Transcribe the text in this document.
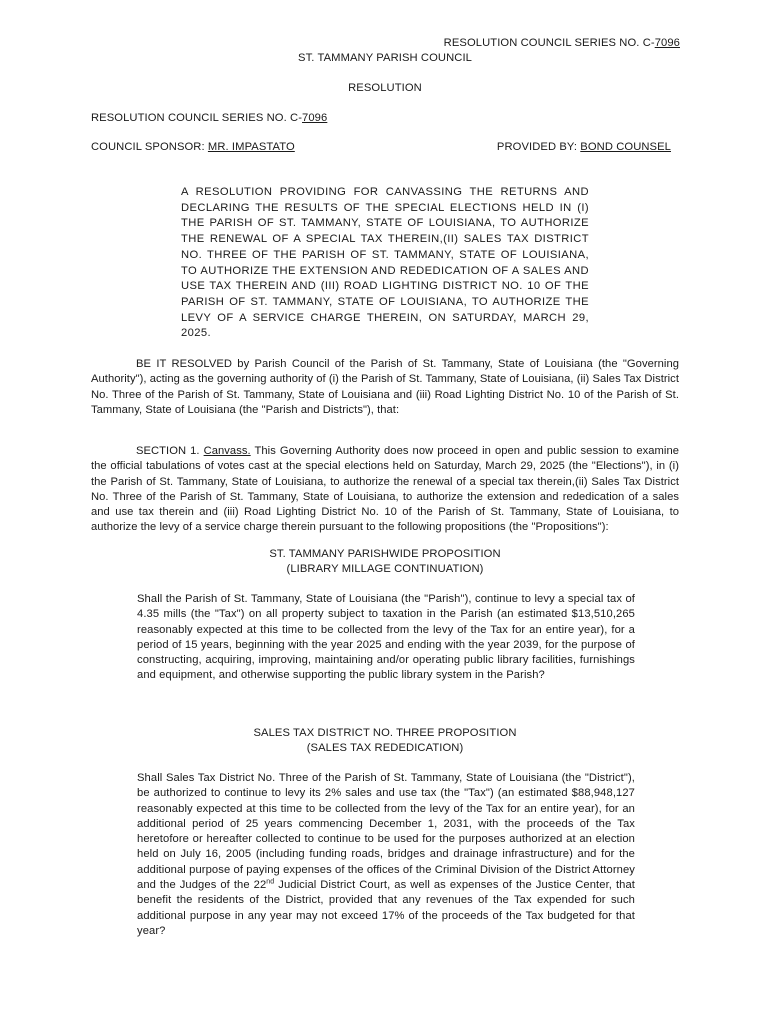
RESOLUTION COUNCIL SERIES NO. C-7096
ST. TAMMANY PARISH COUNCIL
RESOLUTION
RESOLUTION COUNCIL SERIES NO. C-7096
COUNCIL SPONSOR: MR. IMPASTATO	PROVIDED BY: BOND COUNSEL
A RESOLUTION PROVIDING FOR CANVASSING THE RETURNS AND DECLARING THE RESULTS OF THE SPECIAL ELECTIONS HELD IN (I) THE PARISH OF ST. TAMMANY, STATE OF LOUISIANA, TO AUTHORIZE THE RENEWAL OF A SPECIAL TAX THEREIN,(II) SALES TAX DISTRICT NO. THREE OF THE PARISH OF ST. TAMMANY, STATE OF LOUISIANA, TO AUTHORIZE THE EXTENSION AND REDEDICATION OF A SALES AND USE TAX THEREIN AND (III) ROAD LIGHTING DISTRICT NO. 10 OF THE PARISH OF ST. TAMMANY, STATE OF LOUISIANA, TO AUTHORIZE THE LEVY OF A SERVICE CHARGE THEREIN, ON SATURDAY, MARCH 29, 2025.
BE IT RESOLVED by Parish Council of the Parish of St. Tammany, State of Louisiana (the "Governing Authority"), acting as the governing authority of (i) the Parish of St. Tammany, State of Louisiana, (ii) Sales Tax District No. Three of the Parish of St. Tammany, State of Louisiana and (iii) Road Lighting District No. 10 of the Parish of St. Tammany, State of Louisiana (the "Parish and Districts"), that:
SECTION 1. Canvass. This Governing Authority does now proceed in open and public session to examine the official tabulations of votes cast at the special elections held on Saturday, March 29, 2025 (the "Elections"), in (i) the Parish of St. Tammany, State of Louisiana, to authorize the renewal of a special tax therein,(ii) Sales Tax District No. Three of the Parish of St. Tammany, State of Louisiana, to authorize the extension and rededication of a sales and use tax therein and (iii) Road Lighting District No. 10 of the Parish of St. Tammany, State of Louisiana, to authorize the levy of a service charge therein pursuant to the following propositions (the "Propositions"):
ST. TAMMANY PARISHWIDE PROPOSITION
(LIBRARY MILLAGE CONTINUATION)
Shall the Parish of St. Tammany, State of Louisiana (the "Parish"), continue to levy a special tax of 4.35 mills (the "Tax") on all property subject to taxation in the Parish (an estimated $13,510,265 reasonably expected at this time to be collected from the levy of the Tax for an entire year), for a period of 15 years, beginning with the year 2025 and ending with the year 2039, for the purpose of constructing, acquiring, improving, maintaining and/or operating public library facilities, furnishings and equipment, and otherwise supporting the public library system in the Parish?
SALES TAX DISTRICT NO. THREE PROPOSITION
(SALES TAX REDEDICATION)
Shall Sales Tax District No. Three of the Parish of St. Tammany, State of Louisiana (the "District"), be authorized to continue to levy its 2% sales and use tax (the "Tax") (an estimated $88,948,127 reasonably expected at this time to be collected from the levy of the Tax for an entire year), for an additional period of 25 years commencing December 1, 2031, with the proceeds of the Tax heretofore or hereafter collected to continue to be used for the purposes authorized at an election held on July 16, 2005 (including funding roads, bridges and drainage infrastructure) and for the additional purpose of paying expenses of the offices of the Criminal Division of the District Attorney and the Judges of the 22nd Judicial District Court, as well as expenses of the Justice Center, that benefit the residents of the District, provided that any revenues of the Tax expended for such additional purpose in any year may not exceed 17% of the proceeds of the Tax budgeted for that year?
